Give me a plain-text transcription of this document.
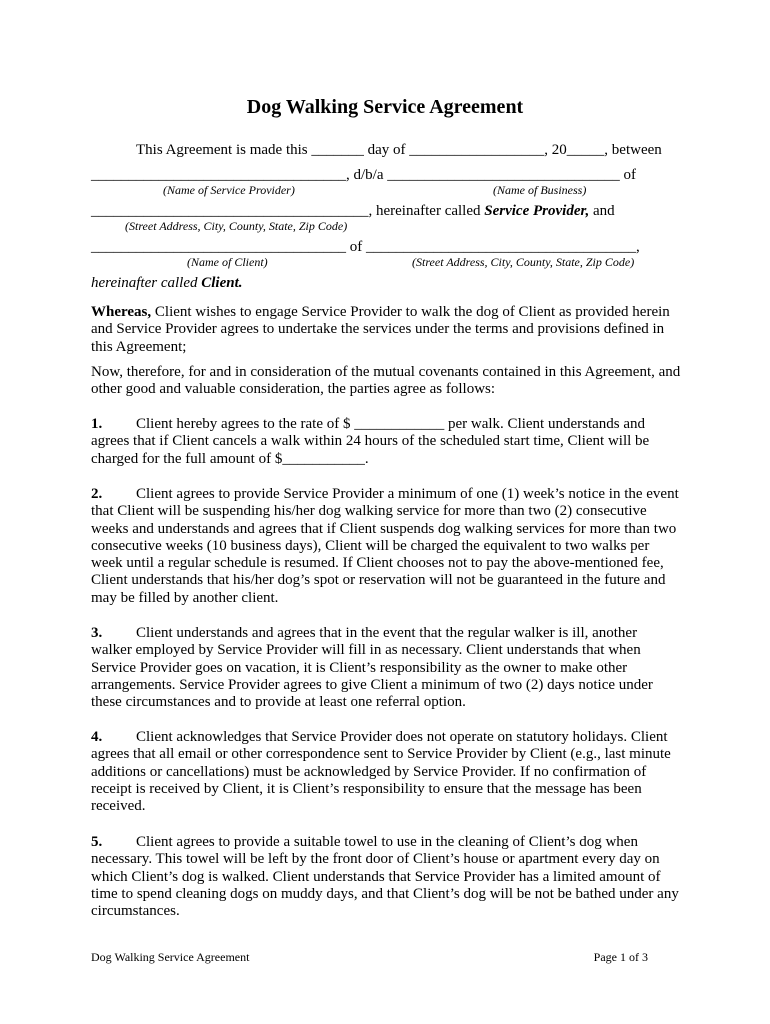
Dog Walking Service Agreement
This Agreement is made this _______ day of __________________, 20_____, between
__________________________________, d/b/a _______________________________ of
(Name of Service Provider)	(Name of Business)
_____________________________________, hereinafter called Service Provider, and
(Street Address, City, County, State, Zip Code)
__________________________________ of ____________________________________,
(Name of Client)	(Street Address, City, County, State, Zip Code)
hereinafter called Client.
Whereas, Client wishes to engage Service Provider to walk the dog of Client as provided herein and Service Provider agrees to undertake the services under the terms and provisions defined in this Agreement;
Now, therefore, for and in consideration of the mutual covenants contained in this Agreement, and other good and valuable consideration, the parties agree as follows:
1. Client hereby agrees to the rate of $ ____________ per walk. Client understands and agrees that if Client cancels a walk within 24 hours of the scheduled start time, Client will be charged for the full amount of $___________.
2. Client agrees to provide Service Provider a minimum of one (1) week’s notice in the event that Client will be suspending his/her dog walking service for more than two (2) consecutive weeks and understands and agrees that if Client suspends dog walking services for more than two consecutive weeks (10 business days), Client will be charged the equivalent to two walks per week until a regular schedule is resumed. If Client chooses not to pay the above-mentioned fee, Client understands that his/her dog’s spot or reservation will not be guaranteed in the future and may be filled by another client.
3. Client understands and agrees that in the event that the regular walker is ill, another walker employed by Service Provider will fill in as necessary. Client understands that when Service Provider goes on vacation, it is Client’s responsibility as the owner to make other arrangements. Service Provider agrees to give Client a minimum of two (2) days notice under these circumstances and to provide at least one referral option.
4. Client acknowledges that Service Provider does not operate on statutory holidays. Client agrees that all email or other correspondence sent to Service Provider by Client (e.g., last minute additions or cancellations) must be acknowledged by Service Provider. If no confirmation of receipt is received by Client, it is Client’s responsibility to ensure that the message has been received.
5. Client agrees to provide a suitable towel to use in the cleaning of Client’s dog when necessary. This towel will be left by the front door of Client’s house or apartment every day on which Client’s dog is walked. Client understands that Service Provider has a limited amount of time to spend cleaning dogs on muddy days, and that Client’s dog will be not be bathed under any circumstances.
Dog Walking Service Agreement	Page 1 of 3
